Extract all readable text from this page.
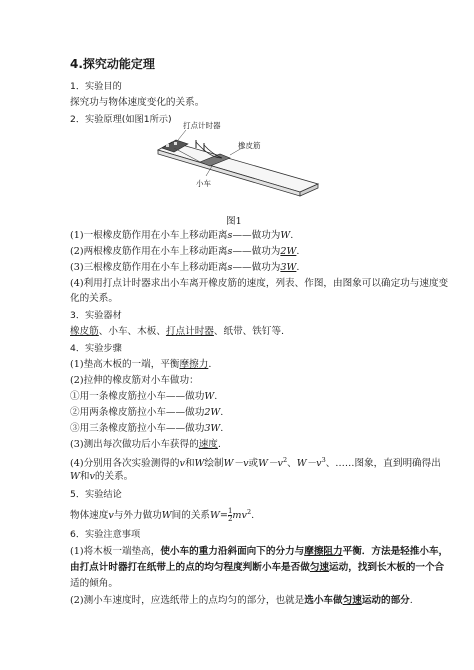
4.探究动能定理
1．实验目的
探究功与物体速度变化的关系。
2．实验原理(如图1所示)
打点计时器
橡皮筋
小车
图1
(1)一根橡皮筋作用在小车上移动距离s——做功为W.
(2)两根橡皮筋作用在小车上移动距离s——做功为2W.
(3)三根橡皮筋作用在小车上移动距离s——做功为3W.
(4)利用打点计时器求出小车离开橡皮筋的速度，列表、作图，由图象可以确定功与速度变
化的关系。
3．实验器材
橡皮筋、小车、木板、打点计时器、纸带、铁钉等.
4．实验步骤
(1)垫高木板的一端，平衡摩擦力.
(2)拉伸的橡皮筋对小车做功：
①用一条橡皮筋拉小车——做功W.
②用两条橡皮筋拉小车——做功2W.
③用三条橡皮筋拉小车——做功3W.
(3)测出每次做功后小车获得的速度.
(4)分别用各次实验测得的v和W绘制W－v或$W-v^2$、$W-v^3$、……图象，直到明确得出
W和v的关系。
5．实验结论
物体速度v与外力做功W间的关系$W= \frac{1}{2} mv^2$.
6．实验注意事项
(1)将木板一端垫高，使小车的重力沿斜面向下的分力与摩擦阻力平衡．方法是轻推小车，
由打点计时器打在纸带上的点的均匀程度判断小车是否做匀速运动，找到长木板的一个合
适的倾角。
(2)测小车速度时，应选纸带上的点均匀的部分，也就是选小车做匀速运动的部分.
